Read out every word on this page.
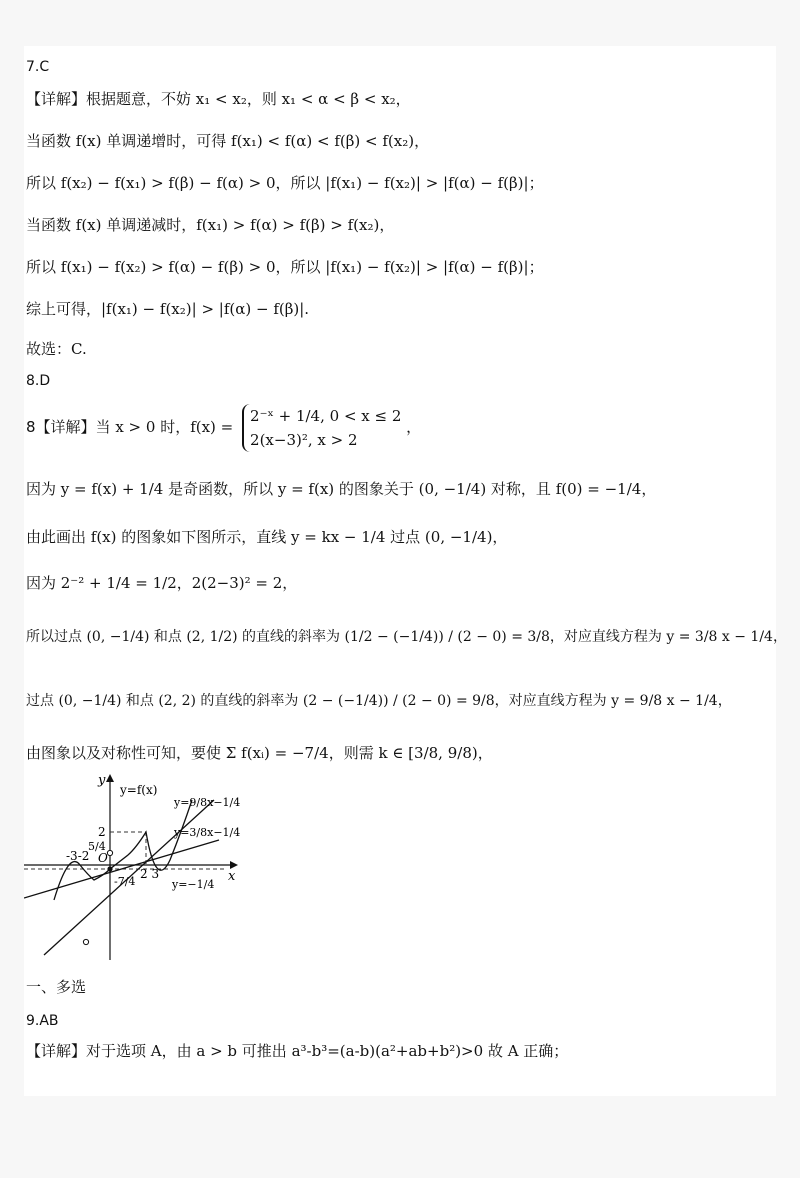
7.C
【详解】根据题意，不妨 x₁ < x₂，则 x₁ < α < β < x₂，
当函数 f(x) 单调递增时，可得 f(x₁) < f(α) < f(β) < f(x₂)，
所以 f(x₂) − f(x₁) > f(β) − f(α) > 0，所以 |f(x₁) − f(x₂)| > |f(α) − f(β)|；
当函数 f(x) 单调递减时，f(x₁) > f(α) > f(β) > f(x₂)，
所以 f(x₁) − f(x₂) > f(α) − f(β) > 0，所以 |f(x₁) − f(x₂)| > |f(α) − f(β)|；
综上可得，|f(x₁) − f(x₂)| > |f(α) − f(β)|.
故选：C.
8.D
8【详解】当 x > 0 时，f(x) =
2⁻ˣ + 1/4, 0 < x ≤ 2
2(x−3)², x > 2
，
因为 y = f(x) + 1/4 是奇函数，所以 y = f(x) 的图象关于 (0, −1/4) 对称，且 f(0) = −1/4，
由此画出 f(x) 的图象如下图所示，直线 y = kx − 1/4 过点 (0, −1/4)，
因为 2⁻² + 1/4 = 1/2，2(2−3)² = 2，
所以过点 (0, −1/4) 和点 (2, 1/2) 的直线的斜率为 (1/2 − (−1/4)) / (2 − 0) = 3/8，对应直线方程为 y = 3/8 x − 1/4，
过点 (0, −1/4) 和点 (2, 2) 的直线的斜率为 (2 − (−1/4)) / (2 − 0) = 9/8，对应直线方程为 y = 9/8 x − 1/4，
由图象以及对称性可知，要使 Σ f(xᵢ) = −7/4，则需 k ∈ [3/8, 9/8)，
y
x
O
y=f(x)
y=9/8x−1/4
y=3/8x−1/4
y=−1/4
-3-2
2
5/4
-7/4
2 3
一、多选
9.AB
【详解】对于选项 A，由 a > b 可推出 a³-b³=(a-b)(a²+ab+b²)>0 故 A 正确；
